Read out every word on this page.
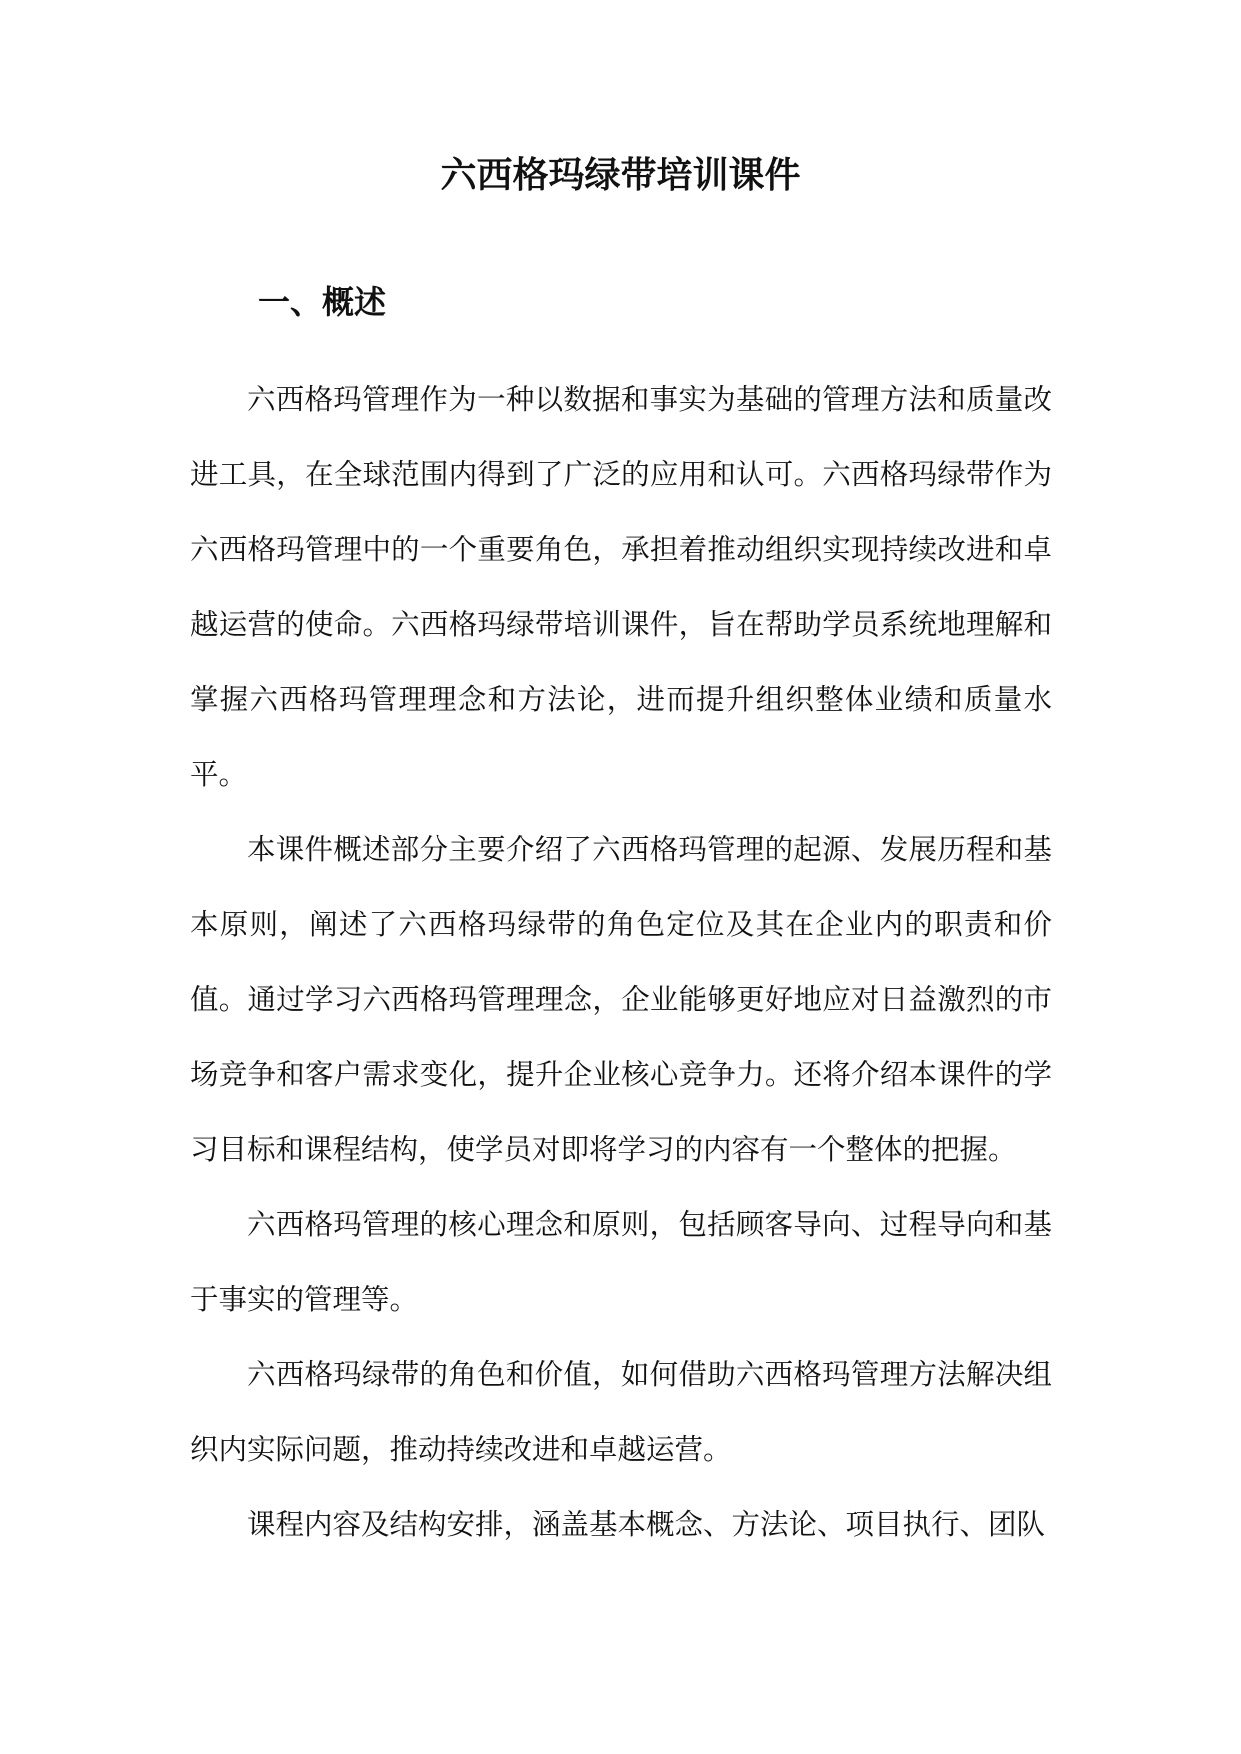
六西格玛绿带培训课件
一、概述

六西格玛管理作为一种以数据和事实为基础的管理方法和质量改进工具，在全球范围内得到了广泛的应用和认可。六西格玛绿带作为六西格玛管理中的一个重要角色，承担着推动组织实现持续改进和卓越运营的使命。六西格玛绿带培训课件，旨在帮助学员系统地理解和掌握六西格玛管理理念和方法论，进而提升组织整体业绩和质量水平。

本课件概述部分主要介绍了六西格玛管理的起源、发展历程和基本原则，阐述了六西格玛绿带的角色定位及其在企业内的职责和价值。通过学习六西格玛管理理念，企业能够更好地应对日益激烈的市场竞争和客户需求变化，提升企业核心竞争力。还将介绍本课件的学习目标和课程结构，使学员对即将学习的内容有一个整体的把握。

六西格玛管理的核心理念和原则，包括顾客导向、过程导向和基于事实的管理等。

六西格玛绿带的角色和价值，如何借助六西格玛管理方法解决组织内实际问题，推动持续改进和卓越运营。

课程内容及结构安排，涵盖基本概念、方法论、项目执行、团队
